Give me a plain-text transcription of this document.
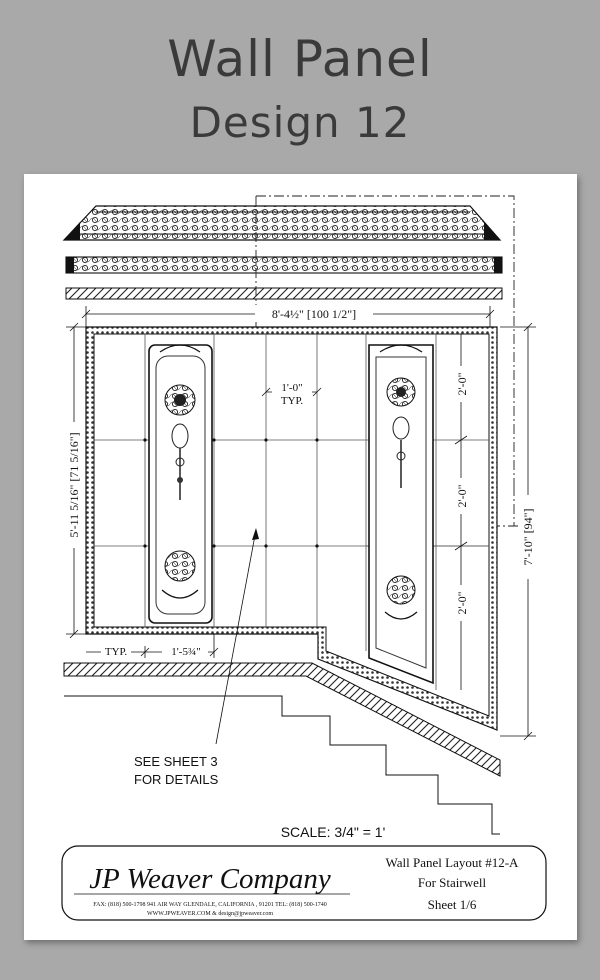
Wall Panel
Design 12
8'-4½" [100 1/2"]
5'-11 5/16" [71 5/16"]	7'-10" [94"]
2'-0"
2'-0"
2'-0"
1'-0"
TYP.
TYP.	1'-5¾"
SEE SHEET 3
FOR DETAILS
SCALE: 3/4" = 1'
JP Weaver Company
FAX: (818) 500-1798 941 AIR WAY GLENDALE, CALIFORNIA , 91201 TEL: (818) 500-1740
WWW.JPWEAVER.COM & design@jpweaver.com
Wall Panel Layout #12-A
For Stairwell
Sheet 1/6
